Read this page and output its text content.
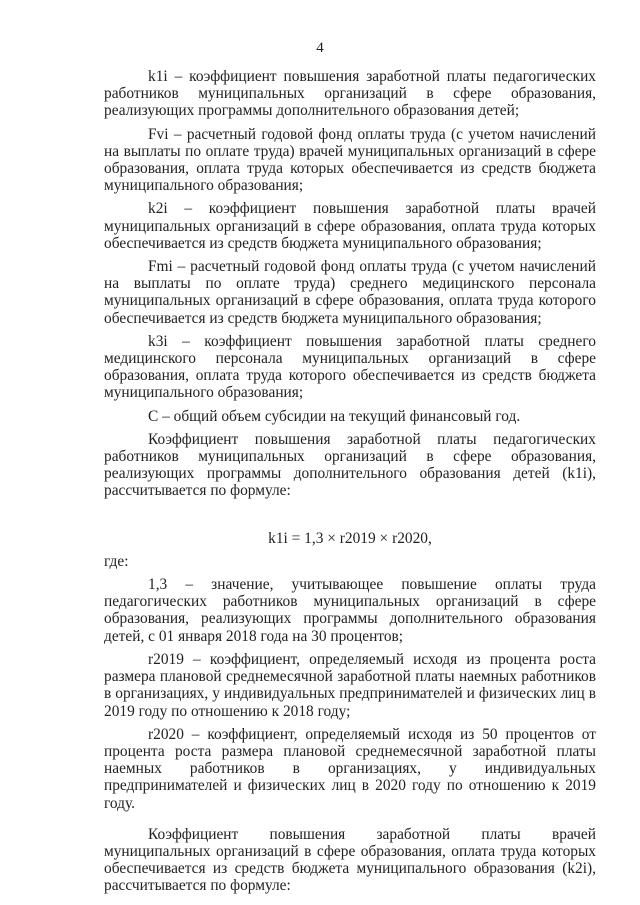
4

k1i – коэффициент повышения заработной платы педагогических работников муниципальных организаций в сфере образования, реализующих программы дополнительного образования детей;

Fvi – расчетный годовой фонд оплаты труда (с учетом начислений на выплаты по оплате труда) врачей муниципальных организаций в сфере образования, оплата труда которых обеспечивается из средств бюджета муниципального образования;

k2i – коэффициент повышения заработной платы врачей муниципальных организаций в сфере образования, оплата труда которых обеспечивается из средств бюджета муниципального образования;

Fmi – расчетный годовой фонд оплаты труда (с учетом начислений на выплаты по оплате труда) среднего медицинского персонала муниципальных организаций в сфере образования, оплата труда которого обеспечивается из средств бюджета муниципального образования;

k3i – коэффициент повышения заработной платы среднего медицинского персонала муниципальных организаций в сфере образования, оплата труда которого обеспечивается из средств бюджета муниципального образования;

C – общий объем субсидии на текущий финансовый год.

Коэффициент повышения заработной платы педагогических работников муниципальных организаций в сфере образования, реализующих программы дополнительного образования детей (k1i), рассчитывается по формуле:

k1i = 1,3 × r2019 × r2020,
где:

1,3 – значение, учитывающее повышение оплаты труда педагогических работников муниципальных организаций в сфере образования, реализующих программы дополнительного образования детей, с 01 января 2018 года на 30 процентов;

r2019 – коэффициент, определяемый исходя из процента роста размера плановой среднемесячной заработной платы наемных работников в организациях, у индивидуальных предпринимателей и физических лиц в 2019 году по отношению к 2018 году;

r2020 – коэффициент, определяемый исходя из 50 процентов от процента роста размера плановой среднемесячной заработной платы наемных работников в организациях, у индивидуальных предпринимателей и физических лиц в 2020 году по отношению к 2019 году.

Коэффициент повышения заработной платы врачей муниципальных организаций в сфере образования, оплата труда которых обеспечивается из средств бюджета муниципального образования (k2i), рассчитывается по формуле:
